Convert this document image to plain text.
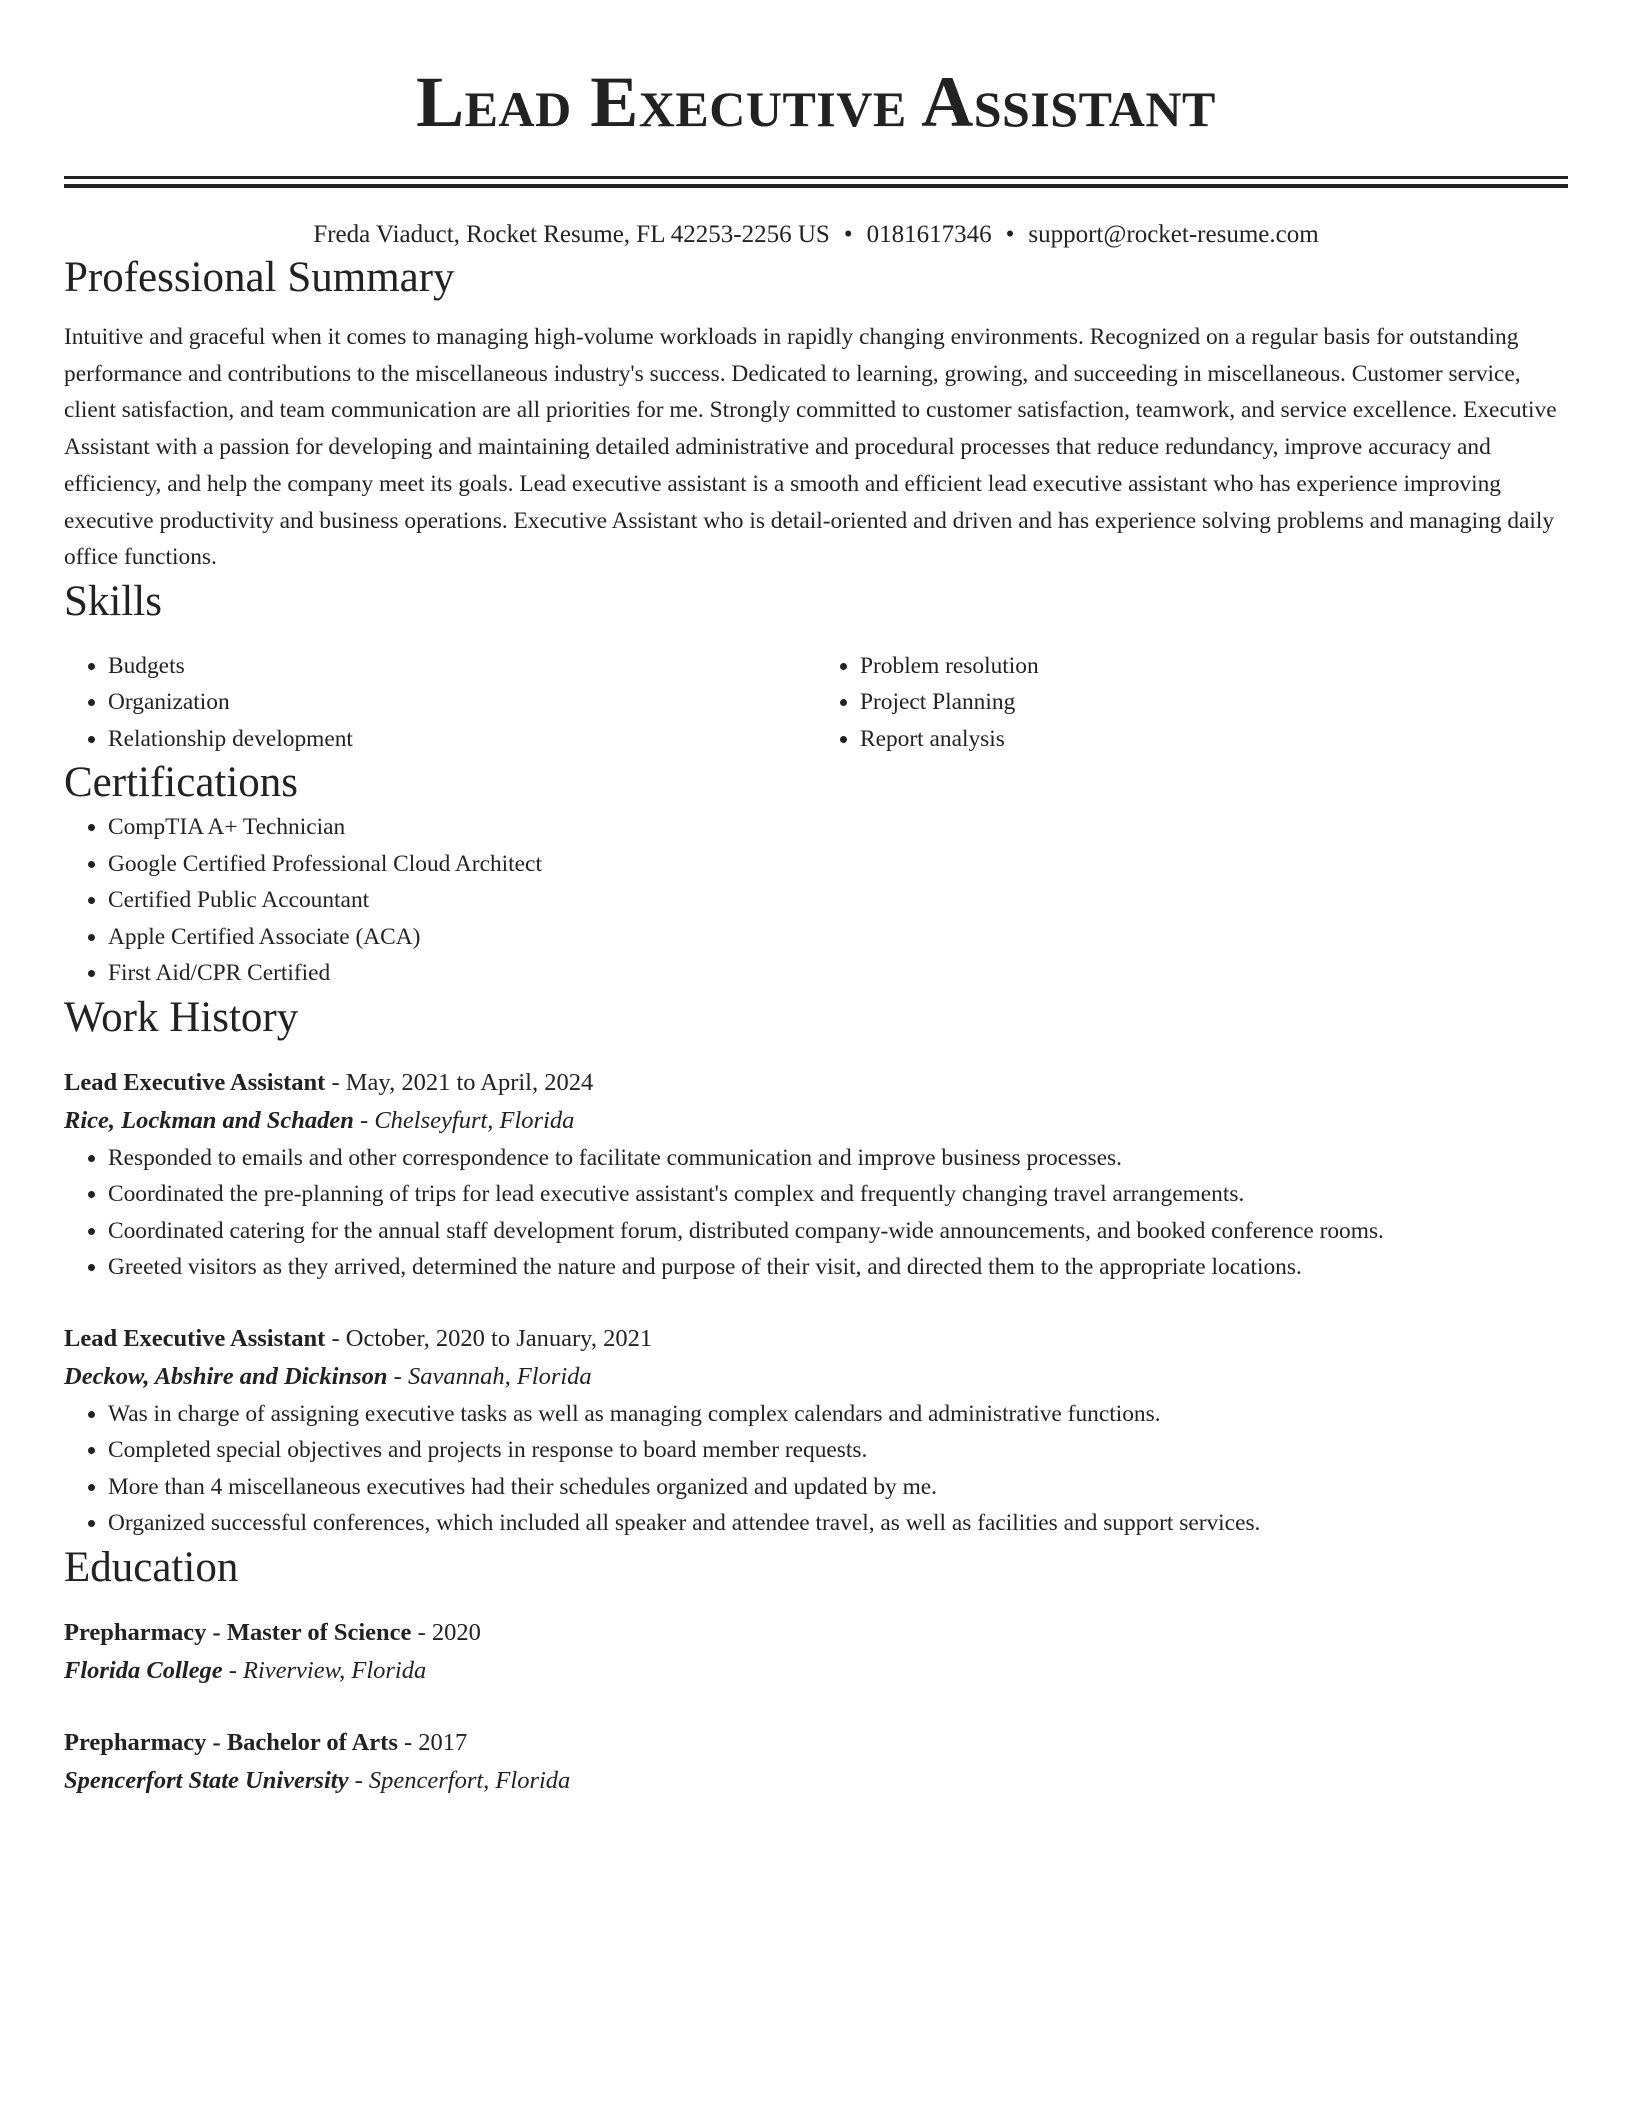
Lead Executive Assistant
Freda Viaduct, Rocket Resume, FL 42253-2256 US • 0181617346 • support@rocket-resume.com
Professional Summary

Intuitive and graceful when it comes to managing high-volume workloads in rapidly changing environments. Recognized on a regular basis for outstanding performance and contributions to the miscellaneous industry's success. Dedicated to learning, growing, and succeeding in miscellaneous. Customer service, client satisfaction, and team communication are all priorities for me. Strongly committed to customer satisfaction, teamwork, and service excellence. Executive Assistant with a passion for developing and maintaining detailed administrative and procedural processes that reduce redundancy, improve accuracy and efficiency, and help the company meet its goals. Lead executive assistant is a smooth and efficient lead executive assistant who has experience improving executive productivity and business operations. Executive Assistant who is detail-oriented and driven and has experience solving problems and managing daily office functions.

Skills
• Budgets
• Organization
• Relationship development
• Problem resolution
• Project Planning
• Report analysis
Certifications
• CompTIA A+ Technician
• Google Certified Professional Cloud Architect
• Certified Public Accountant
• Apple Certified Associate (ACA)
• First Aid/CPR Certified
Work History
Lead Executive Assistant - May, 2021 to April, 2024
Rice, Lockman and Schaden - Chelseyfurt, Florida
• Responded to emails and other correspondence to facilitate communication and improve business processes.
• Coordinated the pre-planning of trips for lead executive assistant's complex and frequently changing travel arrangements.
• Coordinated catering for the annual staff development forum, distributed company-wide announcements, and booked conference rooms.
• Greeted visitors as they arrived, determined the nature and purpose of their visit, and directed them to the appropriate locations.
Lead Executive Assistant - October, 2020 to January, 2021
Deckow, Abshire and Dickinson - Savannah, Florida
• Was in charge of assigning executive tasks as well as managing complex calendars and administrative functions.
• Completed special objectives and projects in response to board member requests.
• More than 4 miscellaneous executives had their schedules organized and updated by me.
• Organized successful conferences, which included all speaker and attendee travel, as well as facilities and support services.
Education
Prepharmacy - Master of Science - 2020
Florida College - Riverview, Florida
Prepharmacy - Bachelor of Arts - 2017
Spencerfort State University - Spencerfort, Florida
